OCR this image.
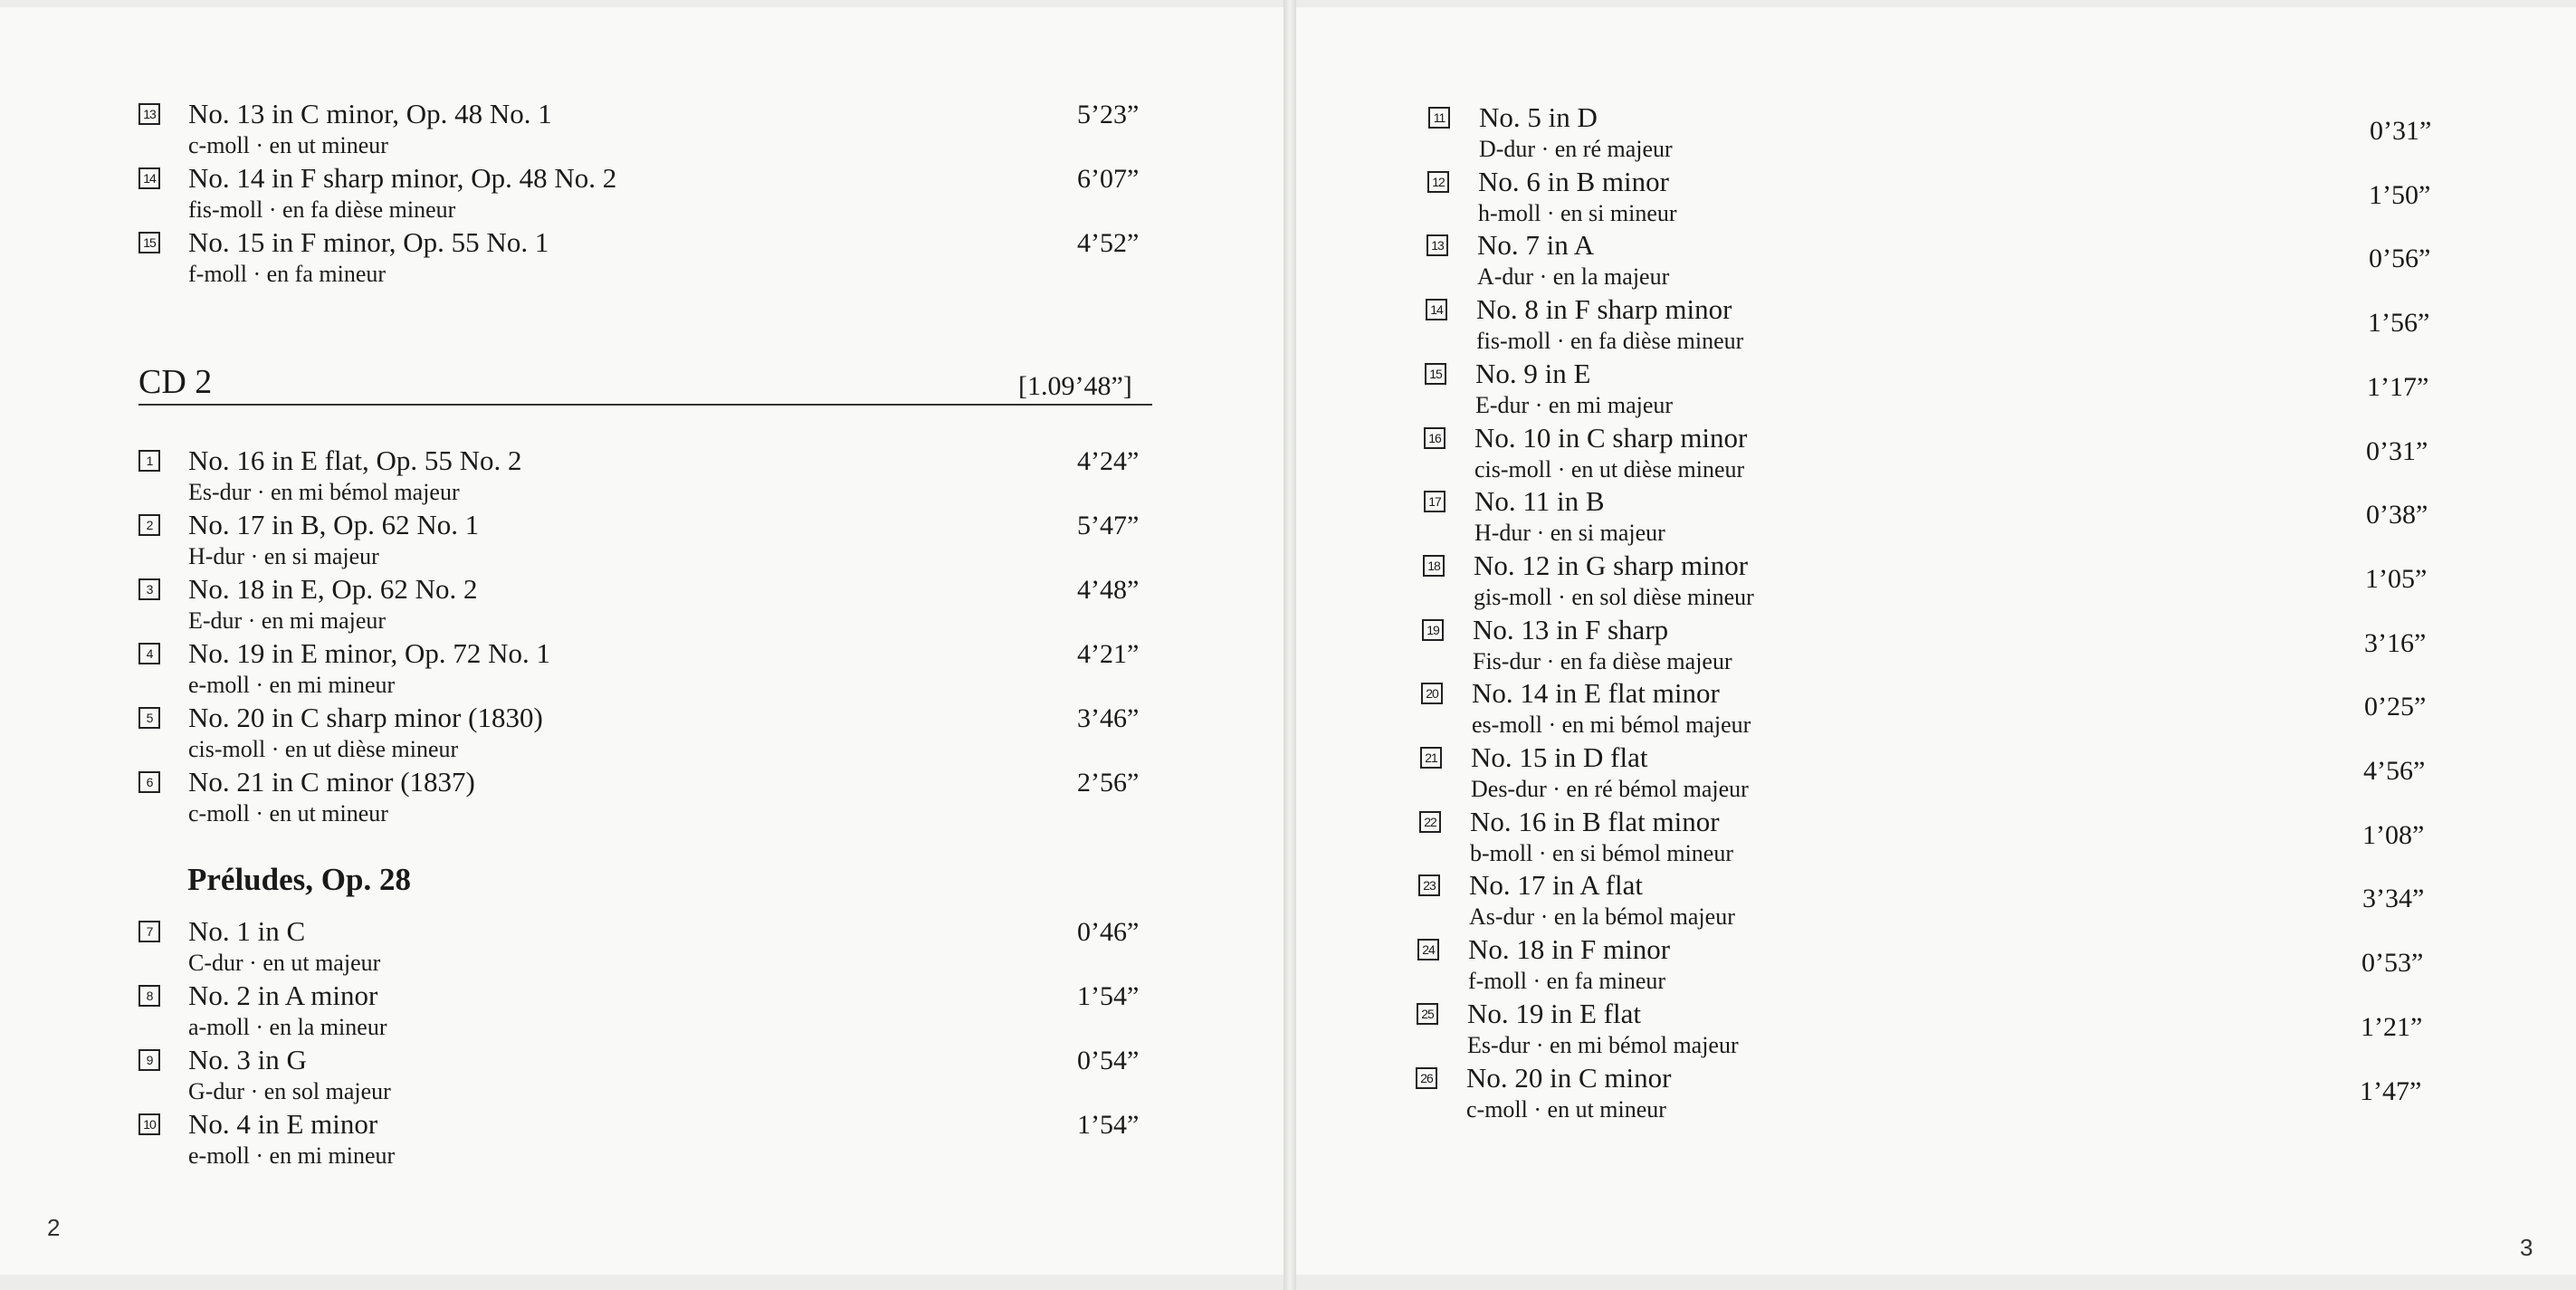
CD 2	[1.09’48”]
Préludes, Op. 28
2
13 No. 13 in C minor, Op. 48 No. 1
c-moll · en ut mineur
5’23”
14 No. 14 in F sharp minor, Op. 48 No. 2
fis-moll · en fa dièse mineur
6’07”
15 No. 15 in F minor, Op. 55 No. 1
f-moll · en fa mineur
4’52”
1 No. 16 in E flat, Op. 55 No. 2
Es-dur · en mi bémol majeur
4’24”
2 No. 17 in B, Op. 62 No. 1
H-dur · en si majeur
5’47”
3 No. 18 in E, Op. 62 No. 2
E-dur · en mi majeur
4’48”
4 No. 19 in E minor, Op. 72 No. 1
e-moll · en mi mineur
4’21”
5 No. 20 in C sharp minor (1830)
cis-moll · en ut dièse mineur
3’46”
6 No. 21 in C minor (1837)
c-moll · en ut mineur
2’56”
7 No. 1 in C
C-dur · en ut majeur
0’46”
8 No. 2 in A minor
a-moll · en la mineur
1’54”
9 No. 3 in G
G-dur · en sol majeur
0’54”
10 No. 4 in E minor
e-moll · en mi mineur
1’54”
3
11 No. 5 in D
D-dur · en ré majeur
0’31”
12 No. 6 in B minor
h-moll · en si mineur
1’50”
13 No. 7 in A
A-dur · en la majeur
0’56”
14 No. 8 in F sharp minor
fis-moll · en fa dièse mineur
1’56”
15 No. 9 in E
E-dur · en mi majeur
1’17”
16 No. 10 in C sharp minor
cis-moll · en ut dièse mineur
0’31”
17 No. 11 in B
H-dur · en si majeur
0’38”
18 No. 12 in G sharp minor
gis-moll · en sol dièse mineur
1’05”
19 No. 13 in F sharp
Fis-dur · en fa dièse majeur
3’16”
20 No. 14 in E flat minor
es-moll · en mi bémol majeur
0’25”
21 No. 15 in D flat
Des-dur · en ré bémol majeur
4’56”
22 No. 16 in B flat minor
b-moll · en si bémol mineur
1’08”
23 No. 17 in A flat
As-dur · en la bémol majeur
3’34”
24 No. 18 in F minor
f-moll · en fa mineur
0’53”
25 No. 19 in E flat
Es-dur · en mi bémol majeur
1’21”
26 No. 20 in C minor
c-moll · en ut mineur
1’47”
